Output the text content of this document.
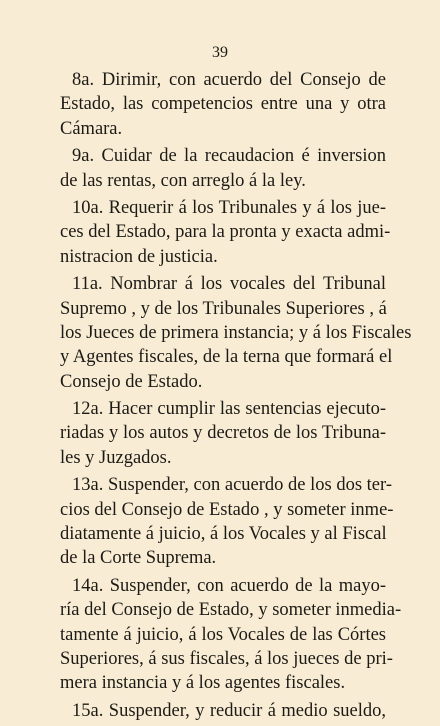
39
8a. Dirimir, con acuerdo del Consejo de
Estado, las competencios entre una y otra
Cámara.
9a. Cuidar de la recaudacion é inversion
de las rentas, con arreglo á la ley.
10a. Requerir á los Tribunales y á los jue-
ces del Estado, para la pronta y exacta admi-
nistracion de justicia.
11a. Nombrar á los vocales del Tribunal
Supremo , y de los Tribunales Superiores , á
los Jueces de primera instancia; y á los Fiscales
y Agentes fiscales, de la terna que formará el
Consejo de Estado.
12a. Hacer cumplir las sentencias ejecuto-
riadas y los autos y decretos de los Tribuna-
les y Juzgados.
13a. Suspender, con acuerdo de los dos ter-
cios del Consejo de Estado , y someter inme-
diatamente á juicio, á los Vocales y al Fiscal
de la Corte Suprema.
14a. Suspender, con acuerdo de la mayo-
ría del Consejo de Estado, y someter inmedia-
tamente á juicio, á los Vocales de las Córtes
Superiores, á sus fiscales, á los jueces de pri-
mera instancia y á los agentes fiscales.
15a. Suspender, y reducir á medio sueldo,
